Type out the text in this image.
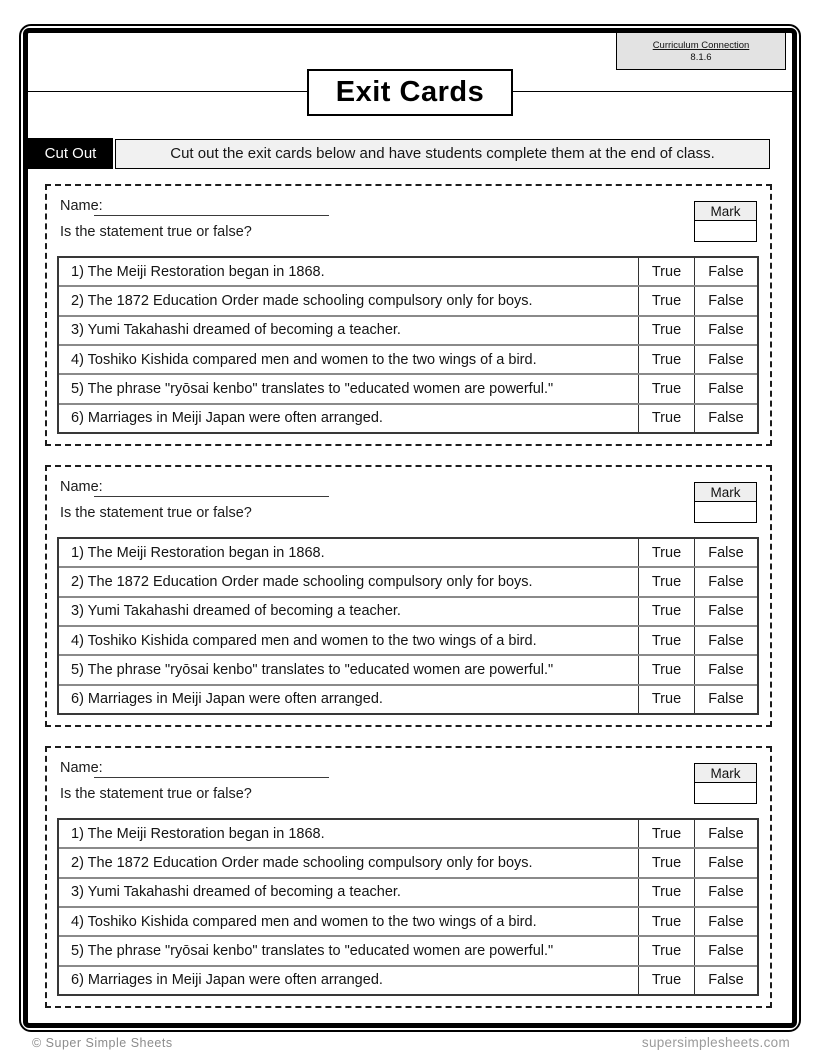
Curriculum Connection
8.1.6
Exit Cards
Cut Out	Cut out the exit cards below and have students complete them at the end of class.
Name:
Is the statement true or false?
Mark
1) The Meiji Restoration began in 1868.	True	False
2) The 1872 Education Order made schooling compulsory only for boys.	True	False
3) Yumi Takahashi dreamed of becoming a teacher.	True	False
4) Toshiko Kishida compared men and women to the two wings of a bird.	True	False
5) The phrase "ryōsai kenbo" translates to "educated women are powerful."	True	False
6) Marriages in Meiji Japan were often arranged.	True	False
Name:
Is the statement true or false?
Mark
1) The Meiji Restoration began in 1868.	True	False
2) The 1872 Education Order made schooling compulsory only for boys.	True	False
3) Yumi Takahashi dreamed of becoming a teacher.	True	False
4) Toshiko Kishida compared men and women to the two wings of a bird.	True	False
5) The phrase "ryōsai kenbo" translates to "educated women are powerful."	True	False
6) Marriages in Meiji Japan were often arranged.	True	False
Name:
Is the statement true or false?
Mark
1) The Meiji Restoration began in 1868.	True	False
2) The 1872 Education Order made schooling compulsory only for boys.	True	False
3) Yumi Takahashi dreamed of becoming a teacher.	True	False
4) Toshiko Kishida compared men and women to the two wings of a bird.	True	False
5) The phrase "ryōsai kenbo" translates to "educated women are powerful."	True	False
6) Marriages in Meiji Japan were often arranged.	True	False
© Super Simple Sheets	supersimplesheets.com
